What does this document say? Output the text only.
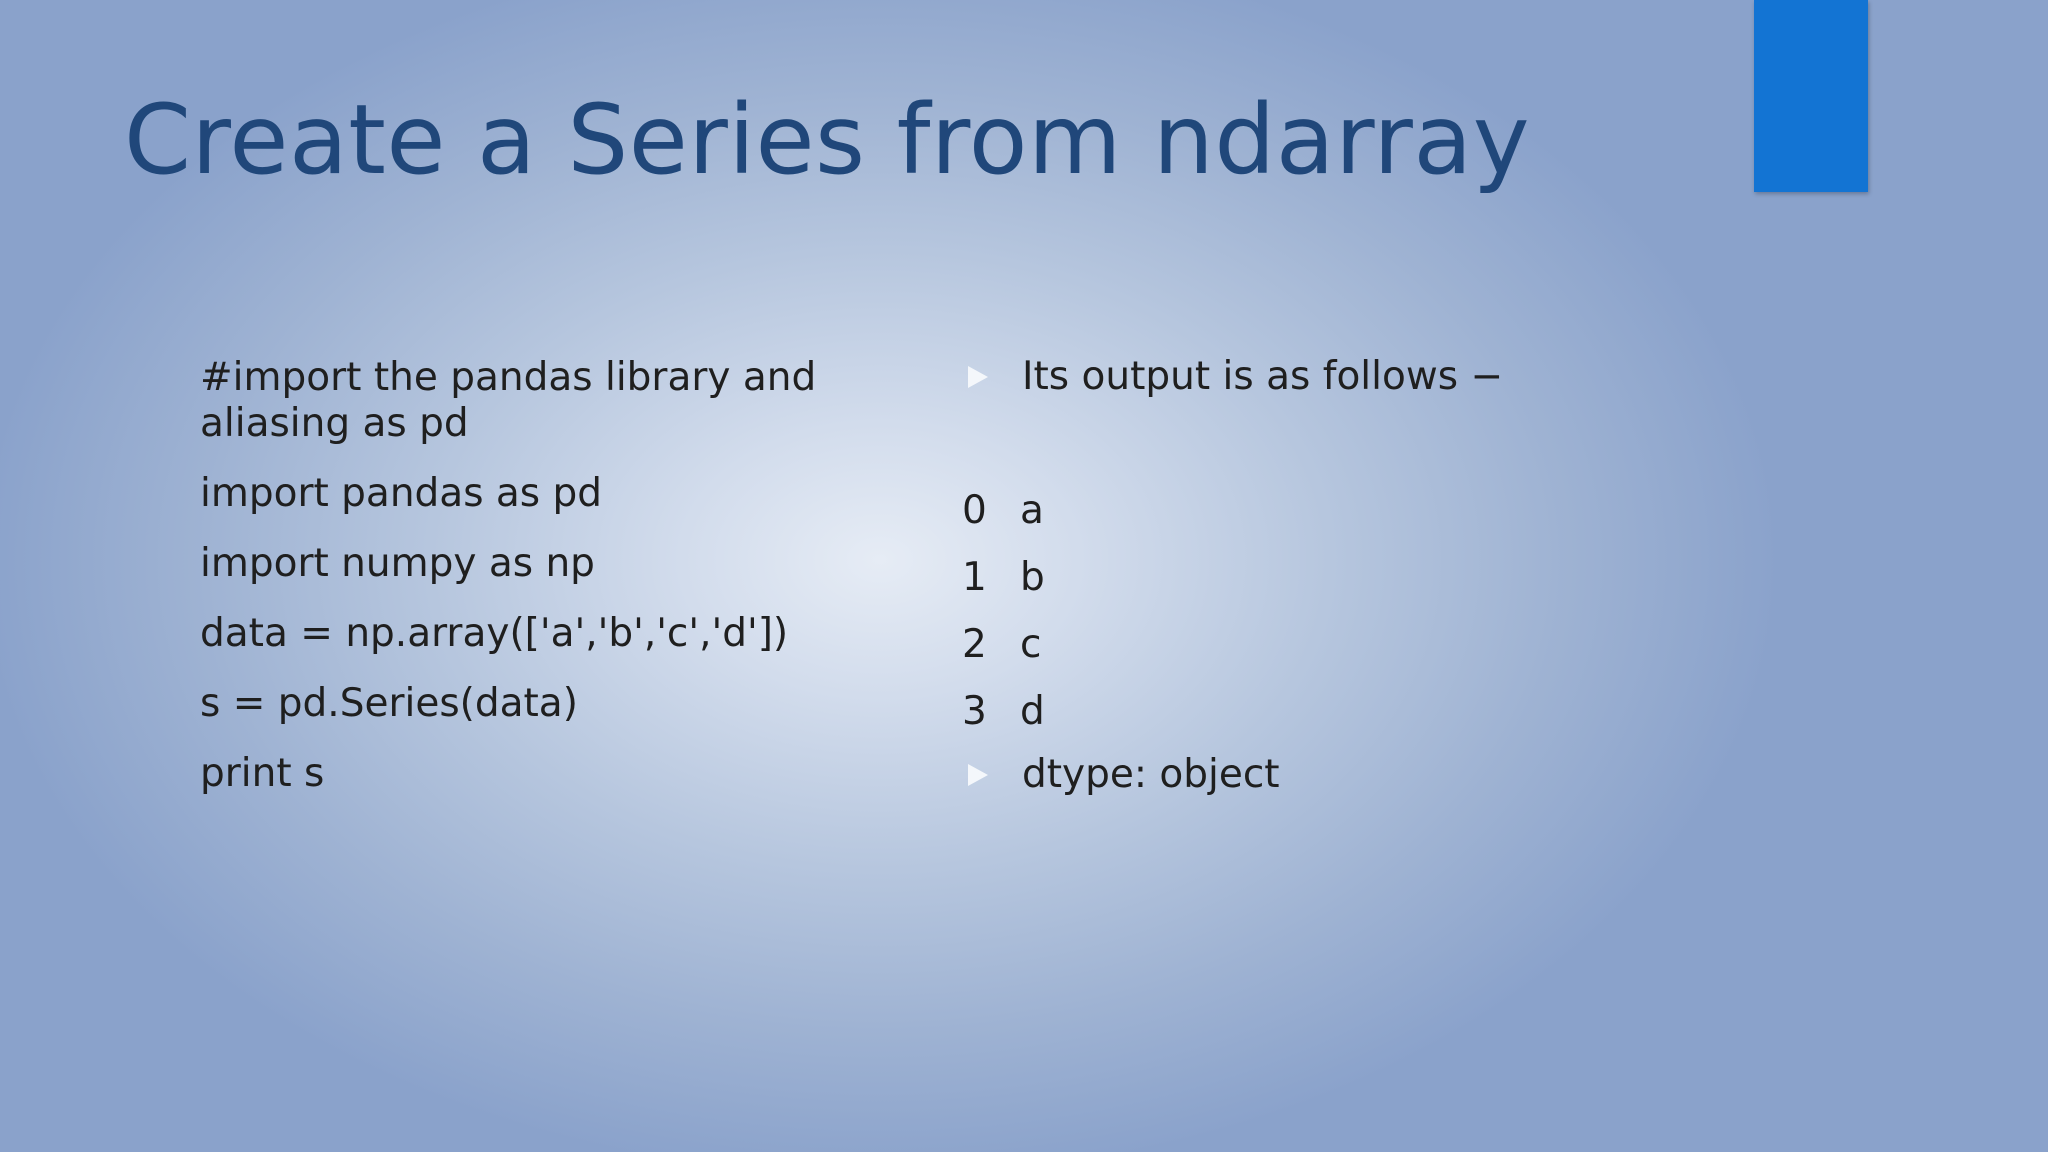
Create a Series from ndarray

#import the pandas library and aliasing as pd

import pandas as pd

import numpy as np

data = np.array(['a','b','c','d'])

s = pd.Series(data)

print s

Its output is as follows −
0 a
1 b
2 c
3 d
dtype: object
